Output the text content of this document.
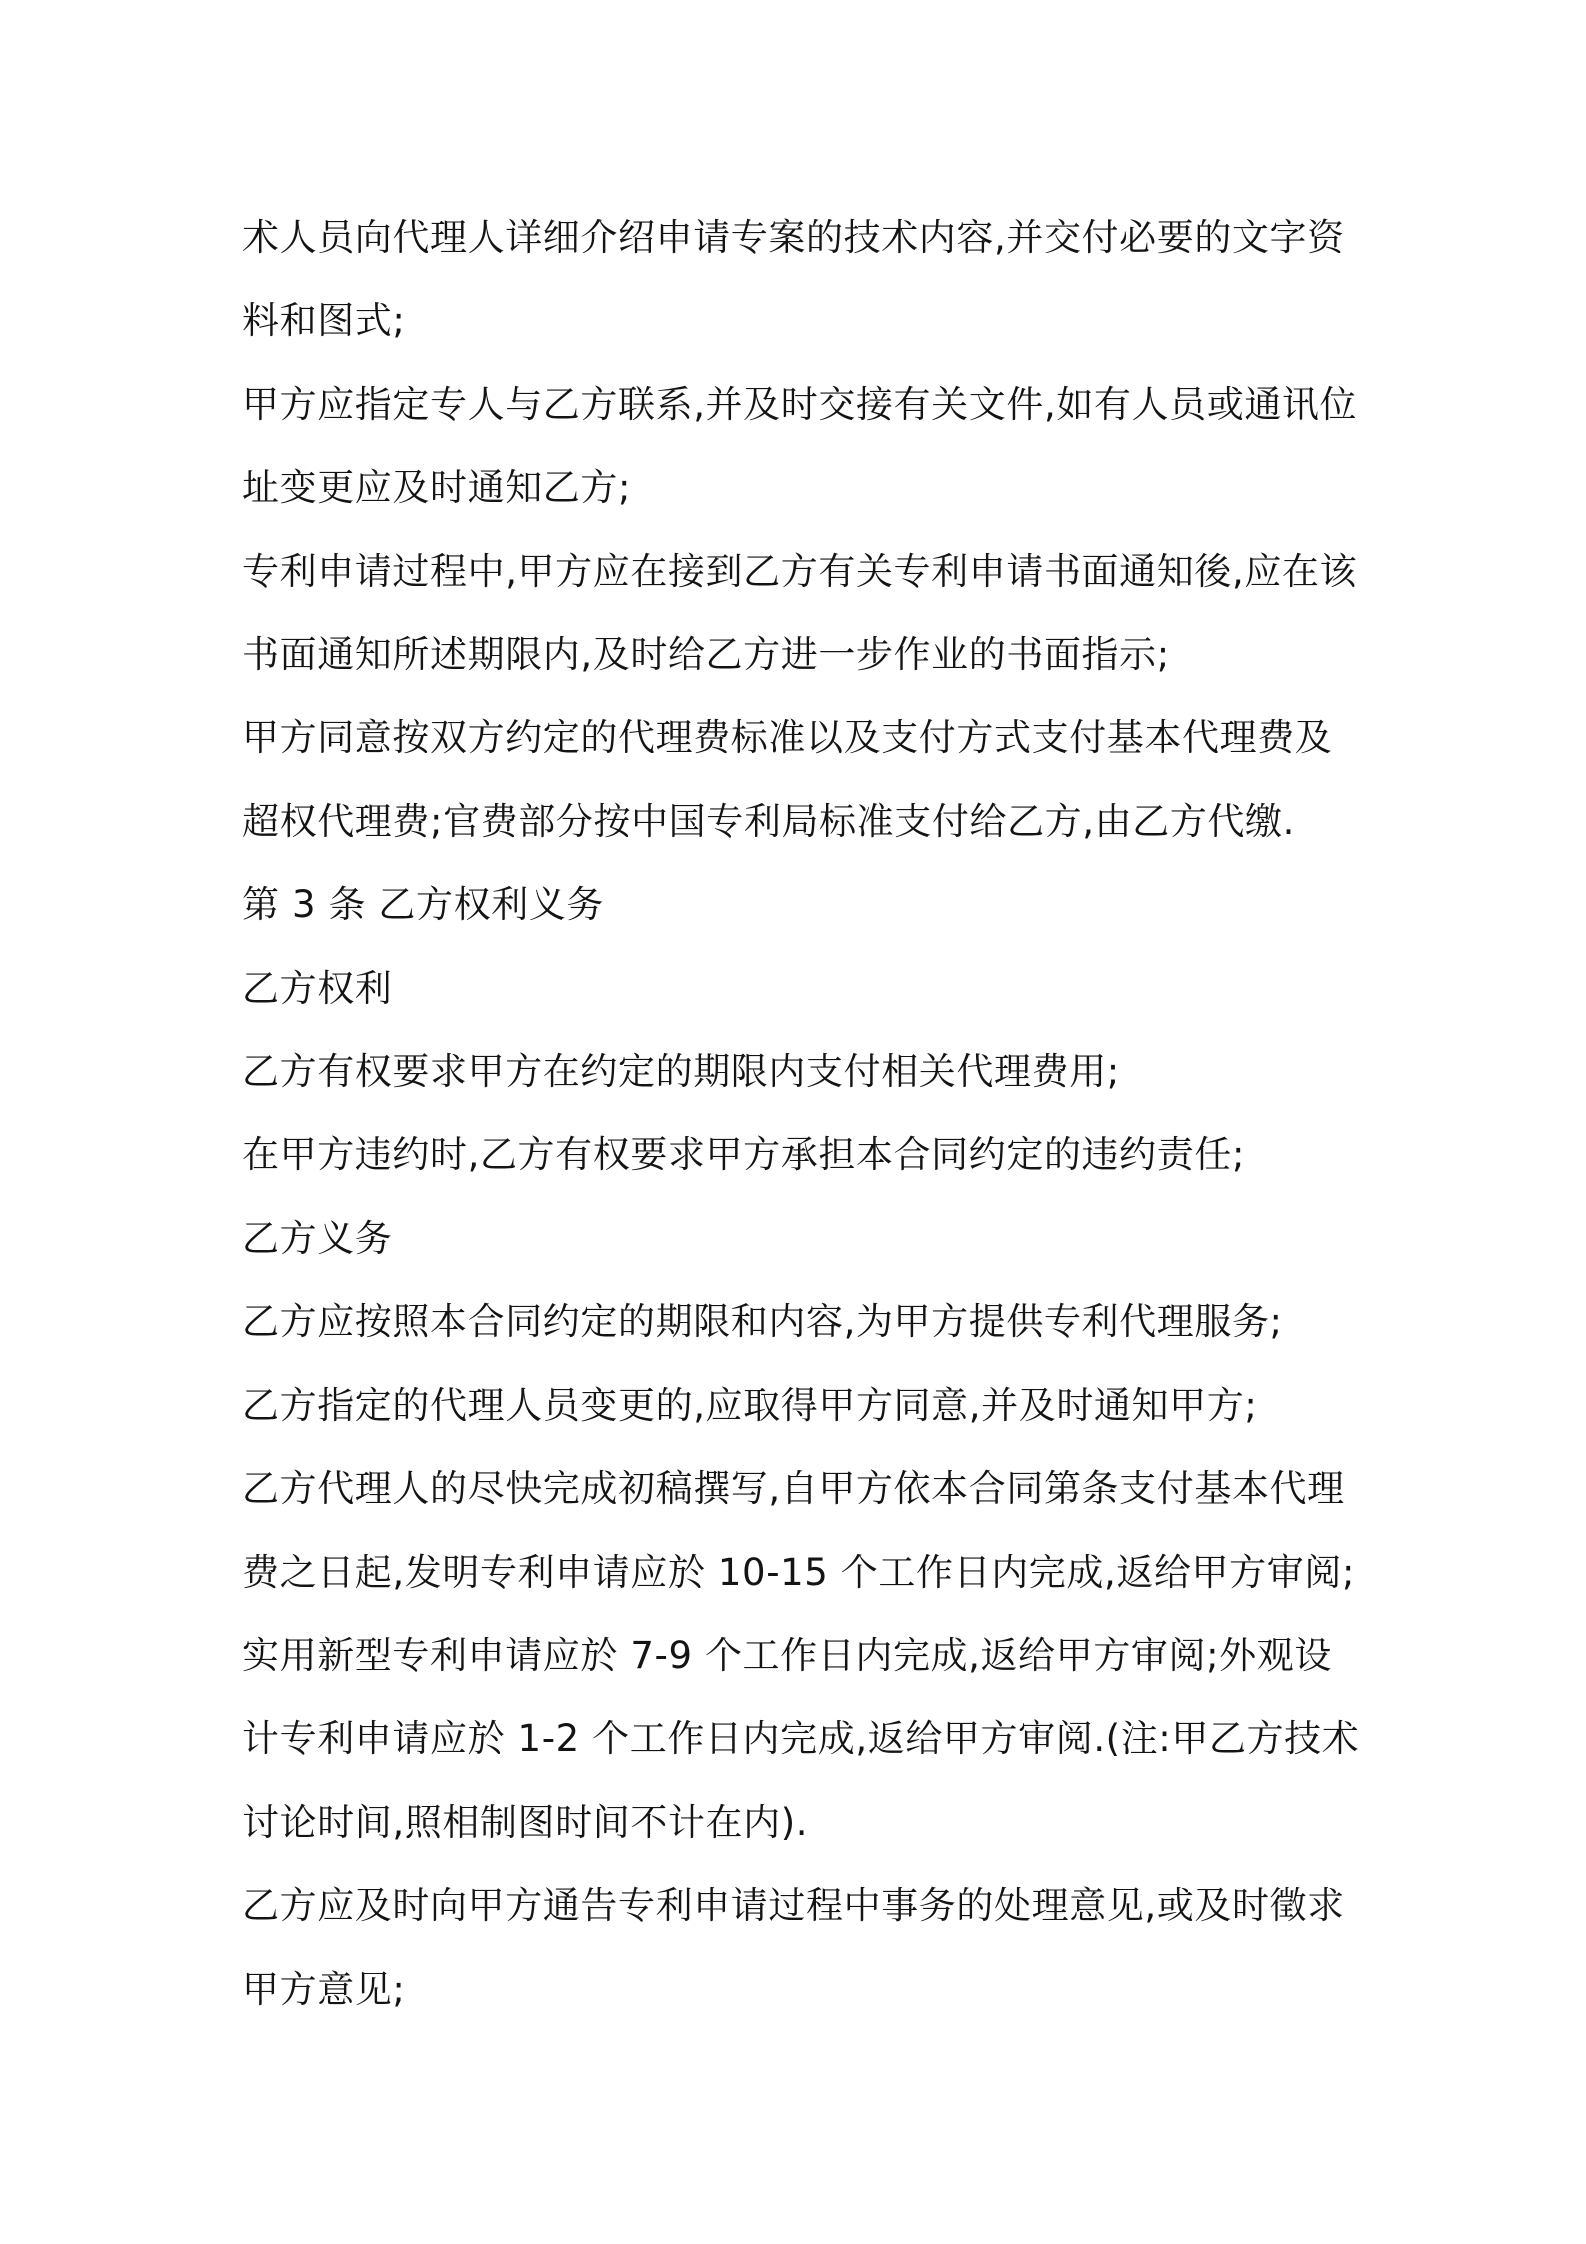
术人员向代理人详细介绍申请专案的技术内容,并交付必要的文字资料和图式;

甲方应指定专人与乙方联系,并及时交接有关文件,如有人员或通讯位址变更应及时通知乙方;

专利申请过程中,甲方应在接到乙方有关专利申请书面通知後,应在该书面通知所述期限内,及时给乙方进一步作业的书面指示;

甲方同意按双方约定的代理费标准以及支付方式支付基本代理费及超权代理费;官费部分按中国专利局标准支付给乙方,由乙方代缴.

第 3 条 乙方权利义务

乙方权利

乙方有权要求甲方在约定的期限内支付相关代理费用;

在甲方违约时,乙方有权要求甲方承担本合同约定的违约责任;

乙方义务

乙方应按照本合同约定的期限和内容,为甲方提供专利代理服务;

乙方指定的代理人员变更的,应取得甲方同意,并及时通知甲方;

乙方代理人的尽快完成初稿撰写,自甲方依本合同第条支付基本代理费之日起,发明专利申请应於 10-15 个工作日内完成,返给甲方审阅;实用新型专利申请应於 7-9 个工作日内完成,返给甲方审阅;外观设计专利申请应於 1-2 个工作日内完成,返给甲方审阅.(注:甲乙方技术讨论时间,照相制图时间不计在内).

乙方应及时向甲方通告专利申请过程中事务的处理意见,或及时徵求甲方意见;
